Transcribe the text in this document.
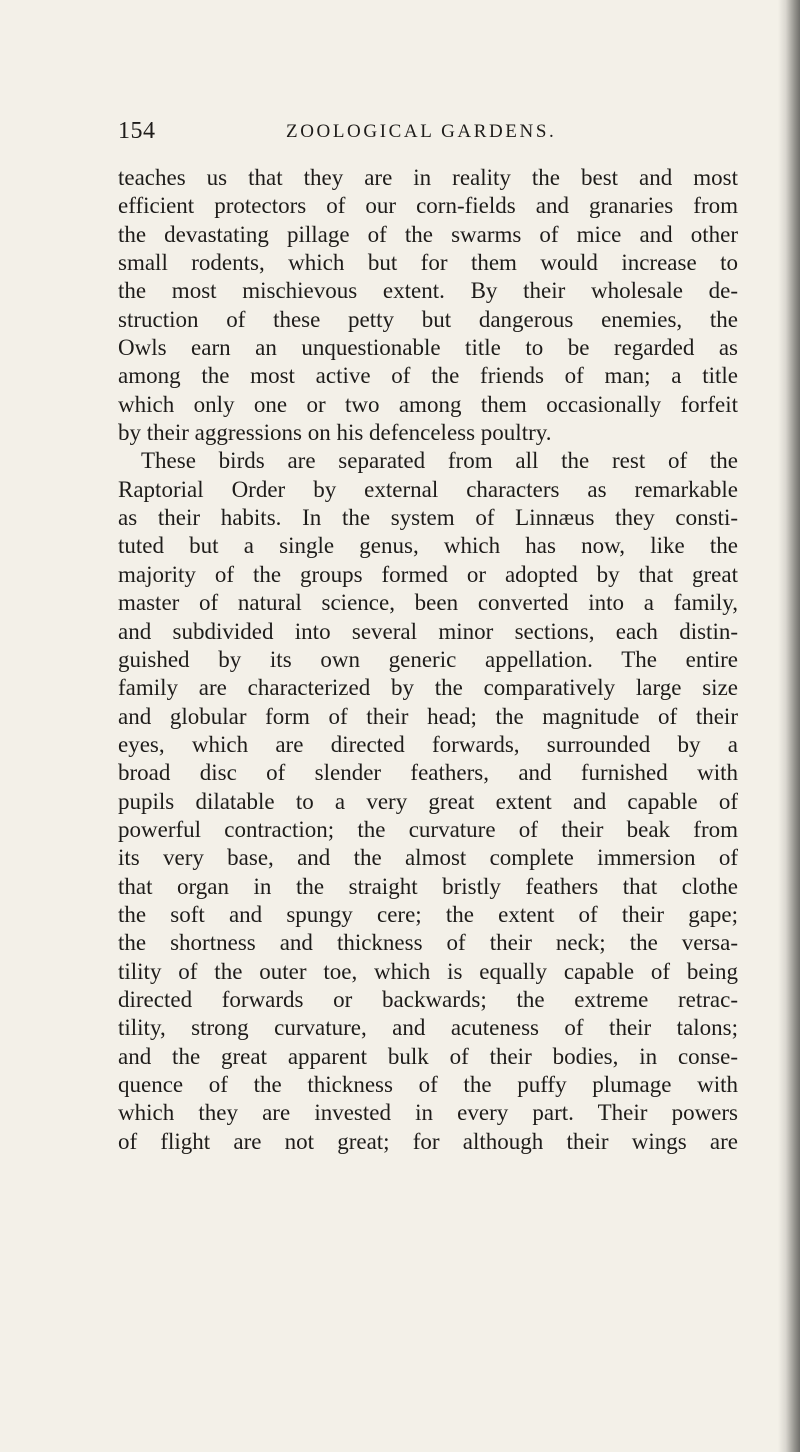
154	ZOOLOGICAL GARDENS.
teaches us that they are in reality the best and most
efficient protectors of our corn-fields and granaries from
the devastating pillage of the swarms of mice and other
small rodents, which but for them would increase to
the most mischievous extent. By their wholesale de-
struction of these petty but dangerous enemies, the
Owls earn an unquestionable title to be regarded as
among the most active of the friends of man; a title
which only one or two among them occasionally forfeit
by their aggressions on his defenceless poultry.
These birds are separated from all the rest of the
Raptorial Order by external characters as remarkable
as their habits. In the system of Linnæus they consti-
tuted but a single genus, which has now, like the
majority of the groups formed or adopted by that great
master of natural science, been converted into a family,
and subdivided into several minor sections, each distin-
guished by its own generic appellation. The entire
family are characterized by the comparatively large size
and globular form of their head; the magnitude of their
eyes, which are directed forwards, surrounded by a
broad disc of slender feathers, and furnished with
pupils dilatable to a very great extent and capable of
powerful contraction; the curvature of their beak from
its very base, and the almost complete immersion of
that organ in the straight bristly feathers that clothe
the soft and spungy cere; the extent of their gape;
the shortness and thickness of their neck; the versa-
tility of the outer toe, which is equally capable of being
directed forwards or backwards; the extreme retrac-
tility, strong curvature, and acuteness of their talons;
and the great apparent bulk of their bodies, in conse-
quence of the thickness of the puffy plumage with
which they are invested in every part. Their powers
of flight are not great; for although their wings are
